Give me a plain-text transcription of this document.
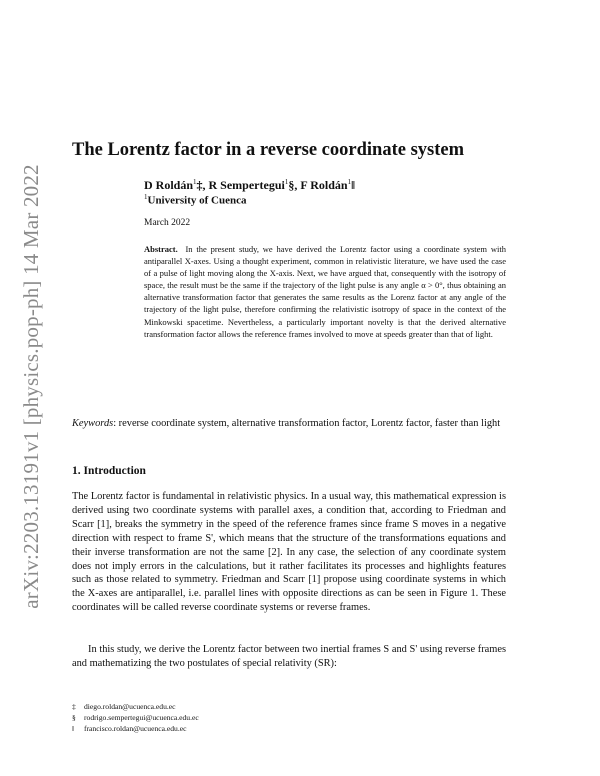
arXiv:2203.13191v1 [physics.pop-ph] 14 Mar 2022
The Lorentz factor in a reverse coordinate system
D Roldán$^1$‡, R Sempertegui$^1$§, F Roldán$^1$‖
$^1$University of Cuenca
March 2022

Abstract. In the present study, we have derived the Lorentz factor using a coordinate system with antiparallel X-axes. Using a thought experiment, common in relativistic literature, we have used the case of a pulse of light moving along the X-axis. Next, we have argued that, consequently with the isotropy of space, the result must be the same if the trajectory of the light pulse is any angle α > 0°, thus obtaining an alternative transformation factor that generates the same results as the Lorenz factor at any angle of the trajectory of the light pulse, therefore confirming the relativistic isotropy of space in the context of the Minkowski spacetime. Nevertheless, a particularly important novelty is that the derived alternative transformation factor allows the reference frames involved to move at speeds greater than that of light.

Keywords: reverse coordinate system, alternative transformation factor, Lorentz factor, faster than light

1. Introduction

The Lorentz factor is fundamental in relativistic physics. In a usual way, this mathematical expression is derived using two coordinate systems with parallel axes, a condition that, according to Friedman and Scarr [1], breaks the symmetry in the speed of the reference frames since frame S moves in a negative direction with respect to frame S', which means that the structure of the transformations equations and their inverse transformation are not the same [2]. In any case, the selection of any coordinate system does not imply errors in the calculations, but it rather facilitates its processes and highlights features such as those related to symmetry. Friedman and Scarr [1] propose using coordinate systems in which the X-axes are antiparallel, i.e. parallel lines with opposite directions as can be seen in Figure 1. These coordinates will be called reverse coordinate systems or reverse frames.

In this study, we derive the Lorentz factor between two inertial frames S and S' using reverse frames and mathematizing the two postulates of special relativity (SR):

‡ diego.roldan@ucuenca.edu.ec
§ rodrigo.sempertegui@ucuenca.edu.ec
‖ francisco.roldan@ucuenca.edu.ec
